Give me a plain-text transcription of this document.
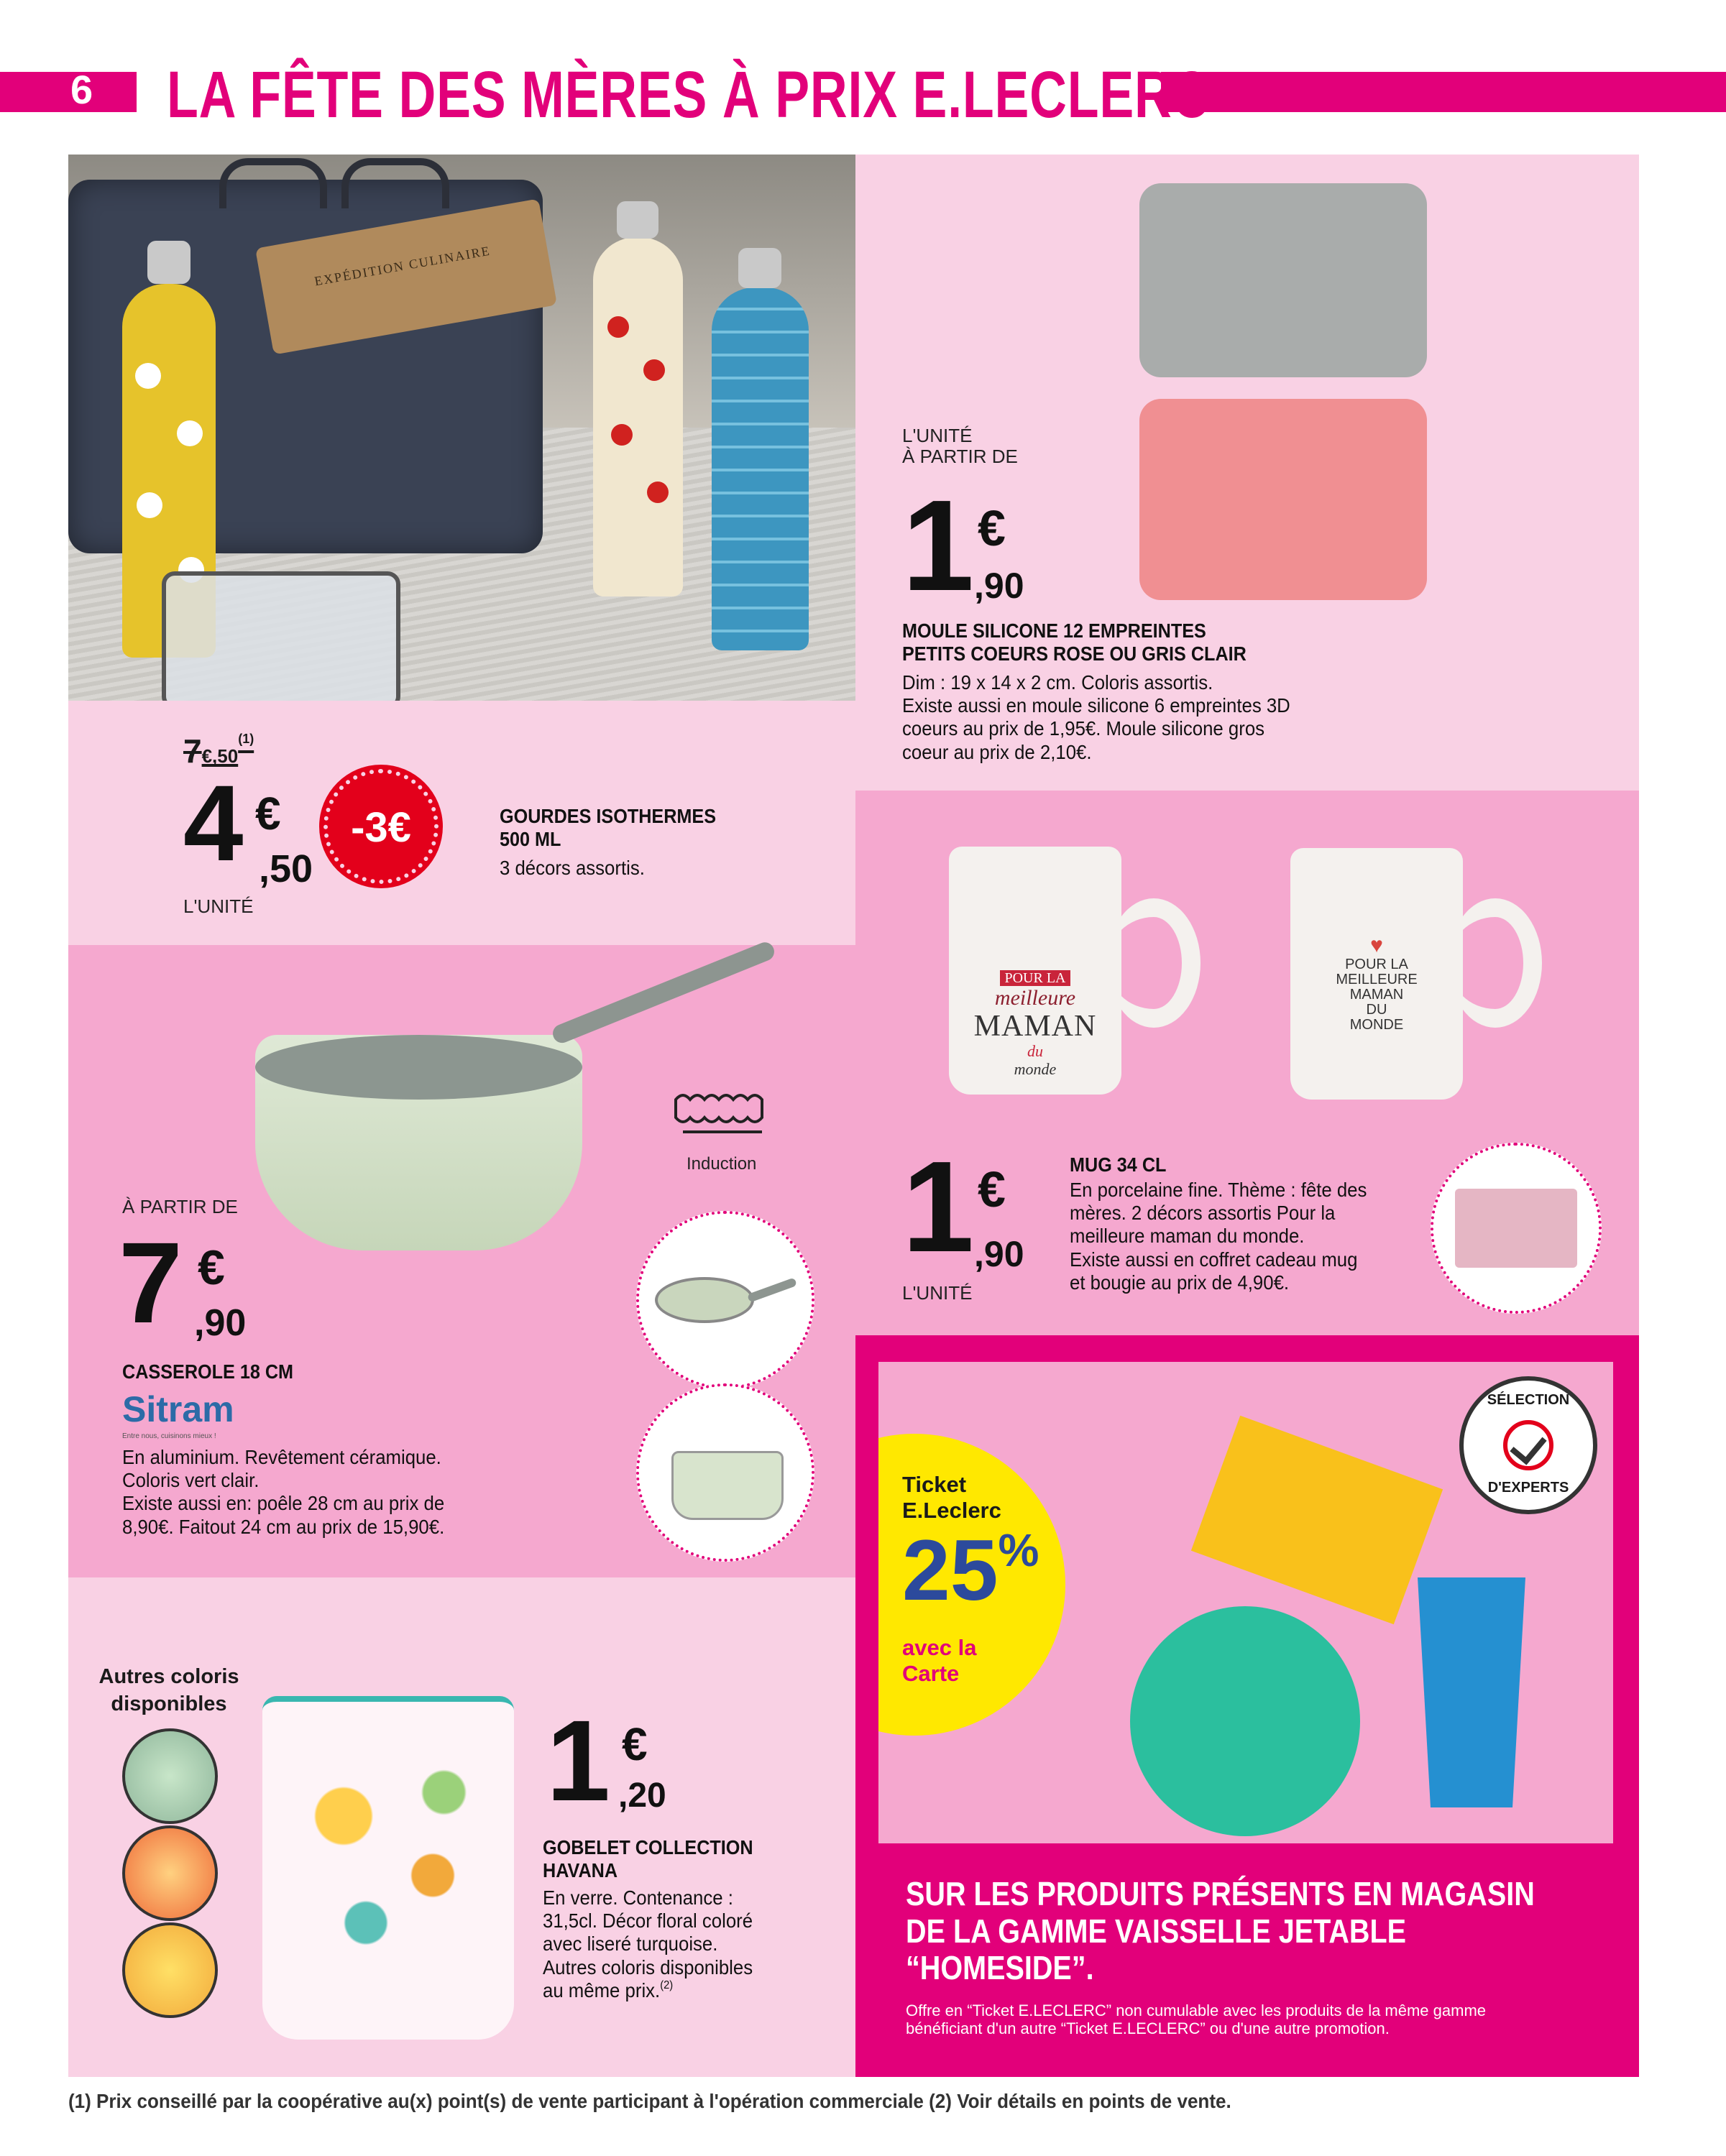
6 LA FÊTE DES MÈRES À PRIX E.LECLERC
EXPÉDITION CULINAIRE
7€,50$^{(1)}$
4 €
,50
L'UNITÉ
-3€	GOURDES ISOTHERMES
500 ML
3 décors assortis.
L'UNITÉ
À PARTIR DE
1 €
,90
MOULE SILICONE 12 EMPREINTES
PETITS COEURS ROSE OU GRIS CLAIR
Dim : 19 x 14 x 2 cm. Coloris assortis.
Existe aussi en moule silicone 6 empreintes 3D
coeurs au prix de 1,95€. Moule silicone gros
coeur au prix de 2,10€.
POUR LA
meilleure
MAMAN
du
monde
♥
POUR LA
MEILLEURE
MAMAN
DU
MONDE
1 €
,90
L'UNITÉ
MUG 34 CL
En porcelaine fine. Thème : fête des
mères. 2 décors assortis Pour la
meilleure maman du monde.
Existe aussi en coffret cadeau mug
et bougie au prix de 4,90€.
Induction
À PARTIR DE
7 €
,90
CASSEROLE 18 CM
Sitram
Entre nous, cuisinons mieux !
En aluminium. Revêtement céramique.
Coloris vert clair.
Existe aussi en: poêle 28 cm au prix de
8,90€. Faitout 24 cm au prix de 15,90€.
Autres coloris
disponibles	1 €
,20
GOBELET COLLECTION
HAVANA
En verre. Contenance :
31,5cl. Décor floral coloré
avec liseré turquoise.
Autres coloris disponibles
au même prix.$^{(2)}$
Ticket
E.Leclerc
25%
avec la
Carte
SÉLECTION
D'EXPERTS
SUR LES PRODUITS PRÉSENTS EN MAGASIN
DE LA GAMME VAISSELLE JETABLE
“HOMESIDE”.
Offre en “Ticket E.LECLERC” non cumulable avec les produits de la même gamme
bénéficiant d'un autre “Ticket E.LECLERC” ou d'une autre promotion.
(1) Prix conseillé par la coopérative au(x) point(s) de vente participant à l'opération commerciale (2) Voir détails en points de vente.
